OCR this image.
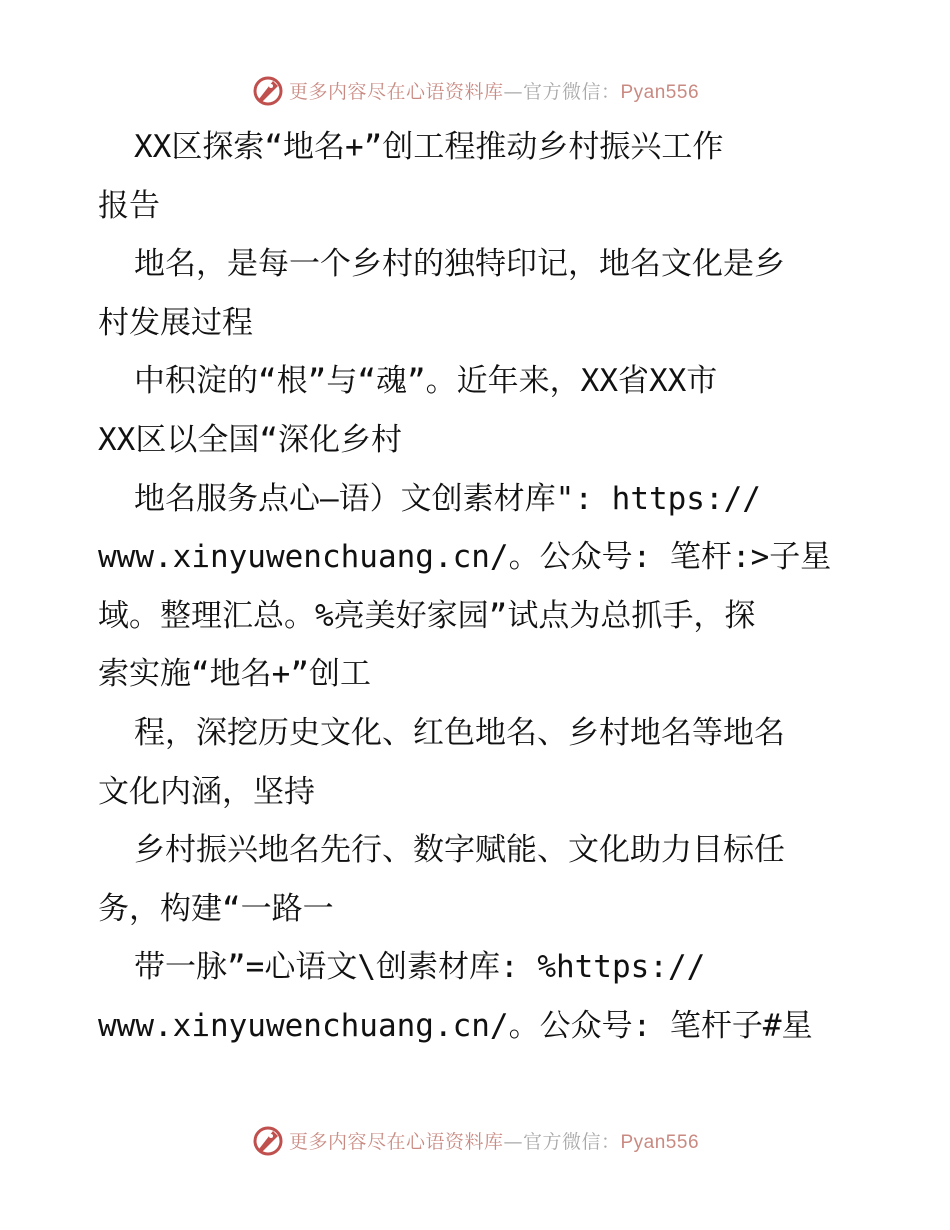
更多内容尽在心语资料库—官方微信：Pyan556
XX区探索“地名+”创工程推动乡村振兴工作
报告
地名，是每一个乡村的独特印记，地名文化是乡
村发展过程
中积淀的“根”与“魂”。近年来，XX省XX市
XX区以全国“深化乡村
地名服务点心—语）文创素材库": https://
www.xinyuwenchuang.cn/。公众号: 笔杆:>子星
域。整理汇总。%亮美好家园”试点为总抓手，探
索实施“地名+”创工
程，深挖历史文化、红色地名、乡村地名等地名
文化内涵，坚持
乡村振兴地名先行、数字赋能、文化助力目标任
务，构建“一路一
带一脉”=心语文\创素材库: %https://
www.xinyuwenchuang.cn/。公众号: 笔杆子#星
更多内容尽在心语资料库—官方微信：Pyan556
